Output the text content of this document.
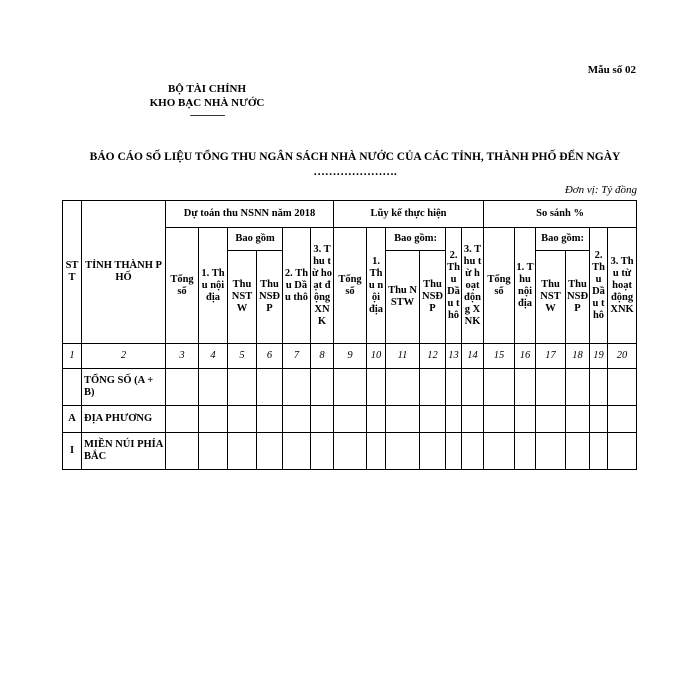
Mẫu số 02
BỘ TÀI CHÍNH
KHO BẠC NHÀ NƯỚC
-------------
BÁO CÁO SỐ LIỆU TỔNG THU NGÂN SÁCH NHÀ NƯỚC CỦA CÁC TỈNH, THÀNH PHỐ ĐẾN NGÀY
………………….
Đơn vị: Tỷ đồng
STT	TỈNH THÀNH PHỐ	Dự toán thu NSNN năm 2018						Lũy kế thực hiện						So sánh %					
		Tổng số	1. Thu nội địa	Bao gồm		2. Thu Dầu thô	3. Thu từ hoạt động XNK	Tổng số	1. Thu nội địa	Bao gồm:		2. Thu Dầu thô	3. Thu từ hoạt động XNK	Tổng số	1. Thu nội địa	Bao gồm:		2. Thu Dầu thô	3. Thu từ hoạt động XNK
				Thu NSTW	Thu NSĐP					Thu NSTW	Thu NSĐP					Thu NST W	Thu NSĐP		
1	2	3	4	5	6	7	8	9	10	11	12	13	14	15	16	17	18	19	20
	TỔNG SỐ (A + B)																		
A	ĐỊA PHƯƠNG																		
I	MIỀN NÚI PHÍA BẮC																		
